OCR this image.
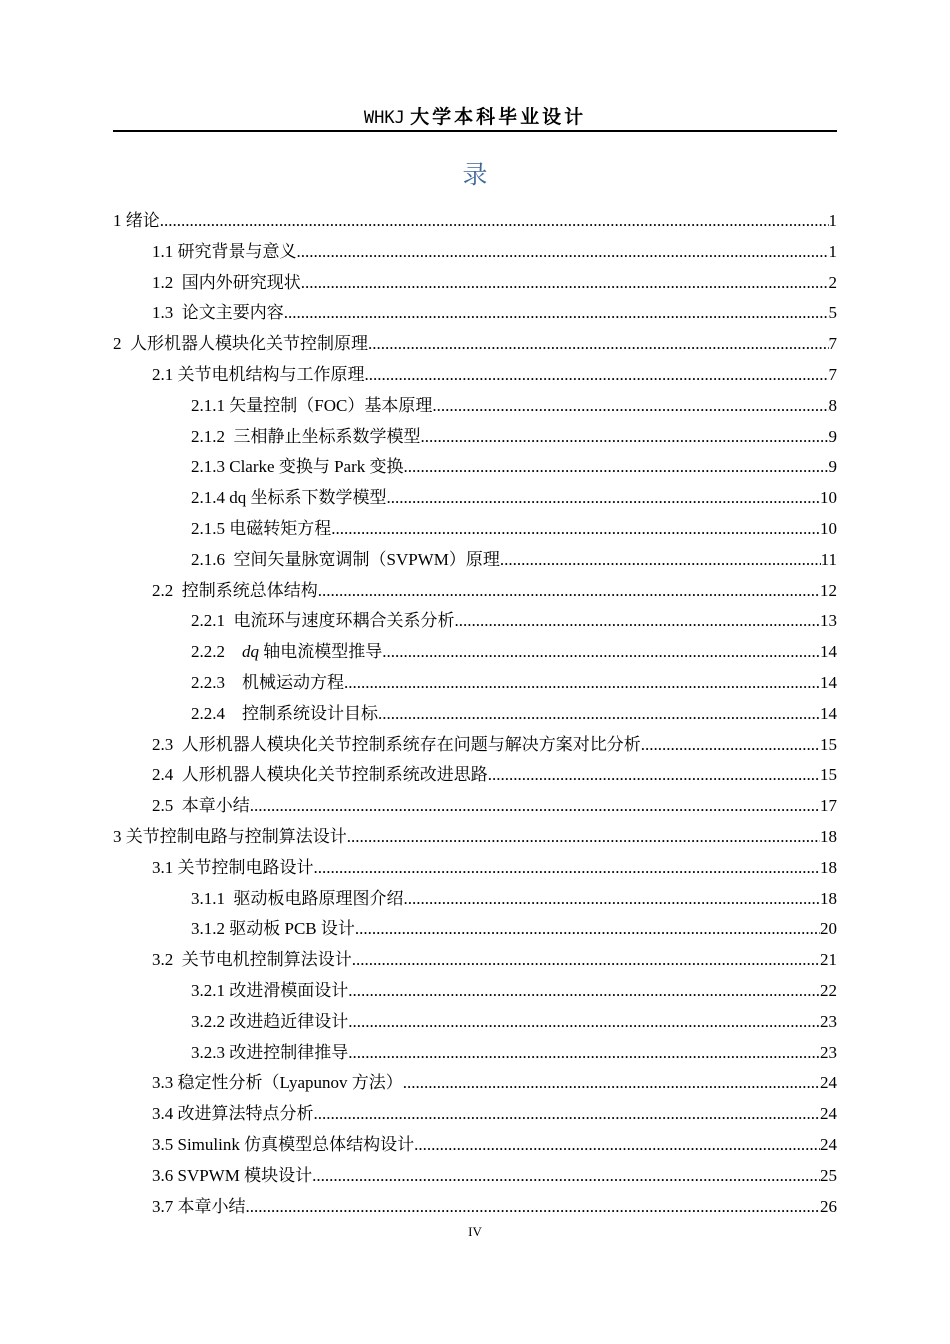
WHKJ 大学本科毕业设计
录
1 绪论 .....	1
1.1 研究背景与意义 .....	1
1.2  国内外研究现状 .....	2
1.3  论文主要内容 .....	5
2  人形机器人模块化关节控制原理 .....	7
2.1 关节电机结构与工作原理 .....	7
2.1.1 矢量控制（FOC）基本原理 .....	8
2.1.2  三相静止坐标系数学模型 .....	9
2.1.3 Clarke 变换与 Park 变换 .....	9
2.1.4 dq 坐标系下数学模型 .....	10
2.1.5 电磁转矩方程 .....	10
2.1.6  空间矢量脉宽调制（SVPWM）原理 .....	11
2.2  控制系统总体结构 .....	12
2.2.1  电流环与速度环耦合关系分析 .....	13
2.2.2    dq 轴电流模型推导 .....	14
2.2.3    机械运动方程 .....	14
2.2.4    控制系统设计目标 .....	14
2.3  人形机器人模块化关节控制系统存在问题与解决方案对比分析 .....	15
2.4  人形机器人模块化关节控制系统改进思路 .....	15
2.5  本章小结 .....	17
3 关节控制电路与控制算法设计 .....	18
3.1 关节控制电路设计 .....	18
3.1.1  驱动板电路原理图介绍 .....	18
3.1.2 驱动板 PCB 设计 .....	20
3.2  关节电机控制算法设计 .....	21
3.2.1 改进滑模面设计 .....	22
3.2.2 改进趋近律设计 .....	23
3.2.3 改进控制律推导 .....	23
3.3 稳定性分析（Lyapunov 方法） .....	24
3.4 改进算法特点分析 .....	24
3.5 Simulink 仿真模型总体结构设计 .....	24
3.6 SVPWM 模块设计 .....	25
3.7 本章小结 .....	26
IV
